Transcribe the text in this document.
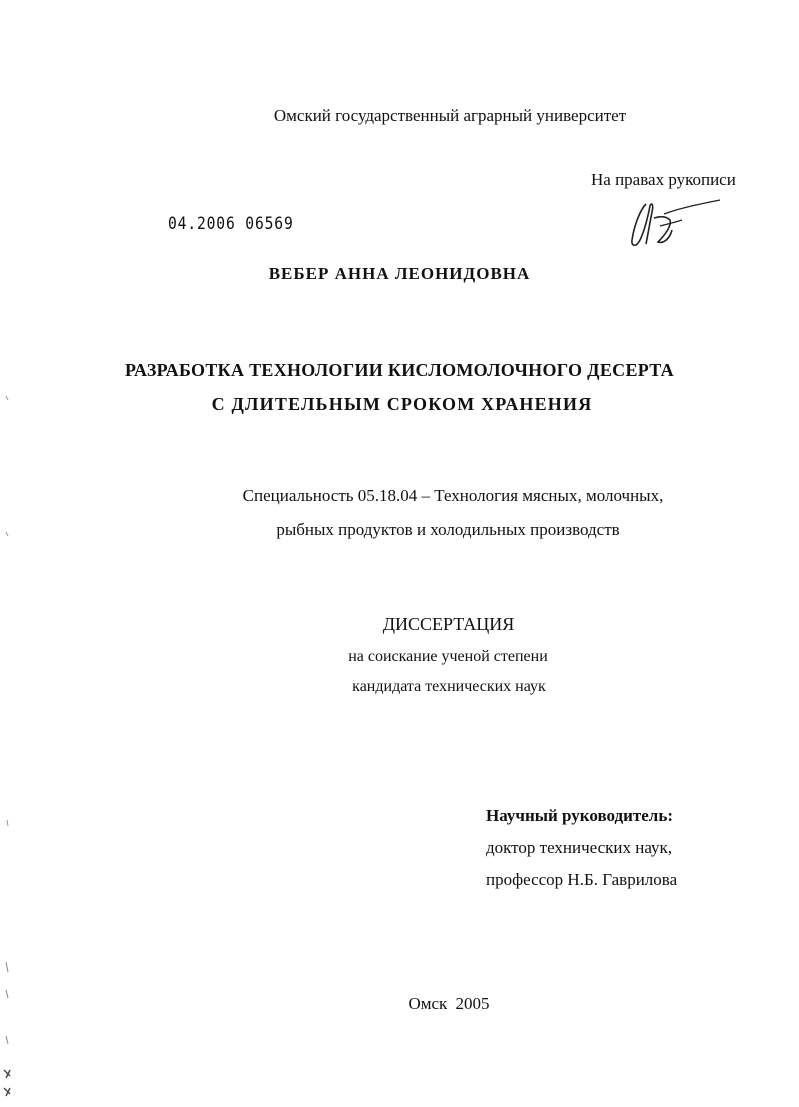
Омский государственный аграрный университет
На правах рукописи
04.2006 06569
ВЕБЕР АННА ЛЕОНИДОВНА
РАЗРАБОТКА ТЕХНОЛОГИИ КИСЛОМОЛОЧНОГО ДЕСЕРТА
С ДЛИТЕЛЬНЫМ СРОКОМ ХРАНЕНИЯ
Специальность 05.18.04 – Технология мясных, молочных,
рыбных продуктов и холодильных производств
ДИССЕРТАЦИЯ
на соискание ученой степени
кандидата технических наук
Научный руководитель:
доктор технических наук,
профессор Н.Б. Гаврилова
Омск 2005
